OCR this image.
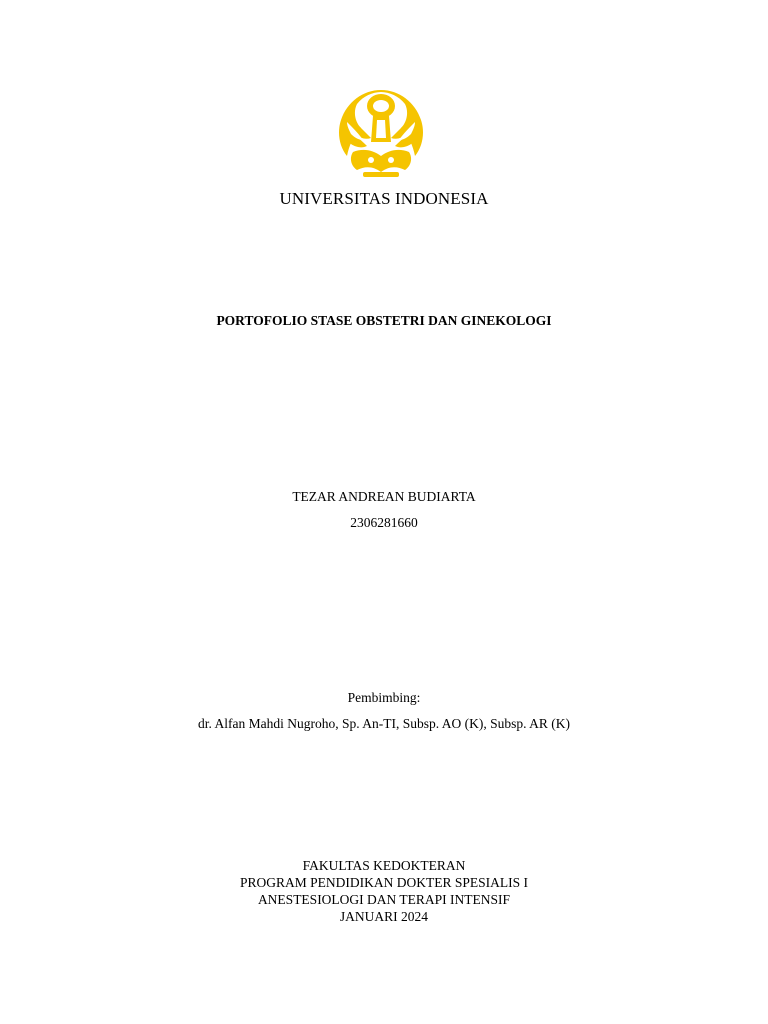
UNIVERSITAS INDONESIA
PORTOFOLIO STASE OBSTETRI DAN GINEKOLOGI
TEZAR ANDREAN BUDIARTA
2306281660
Pembimbing:
dr. Alfan Mahdi Nugroho, Sp. An-TI, Subsp. AO (K), Subsp. AR (K)
FAKULTAS KEDOKTERAN
PROGRAM PENDIDIKAN DOKTER SPESIALIS I
ANESTESIOLOGI DAN TERAPI INTENSIF
JANUARI 2024
